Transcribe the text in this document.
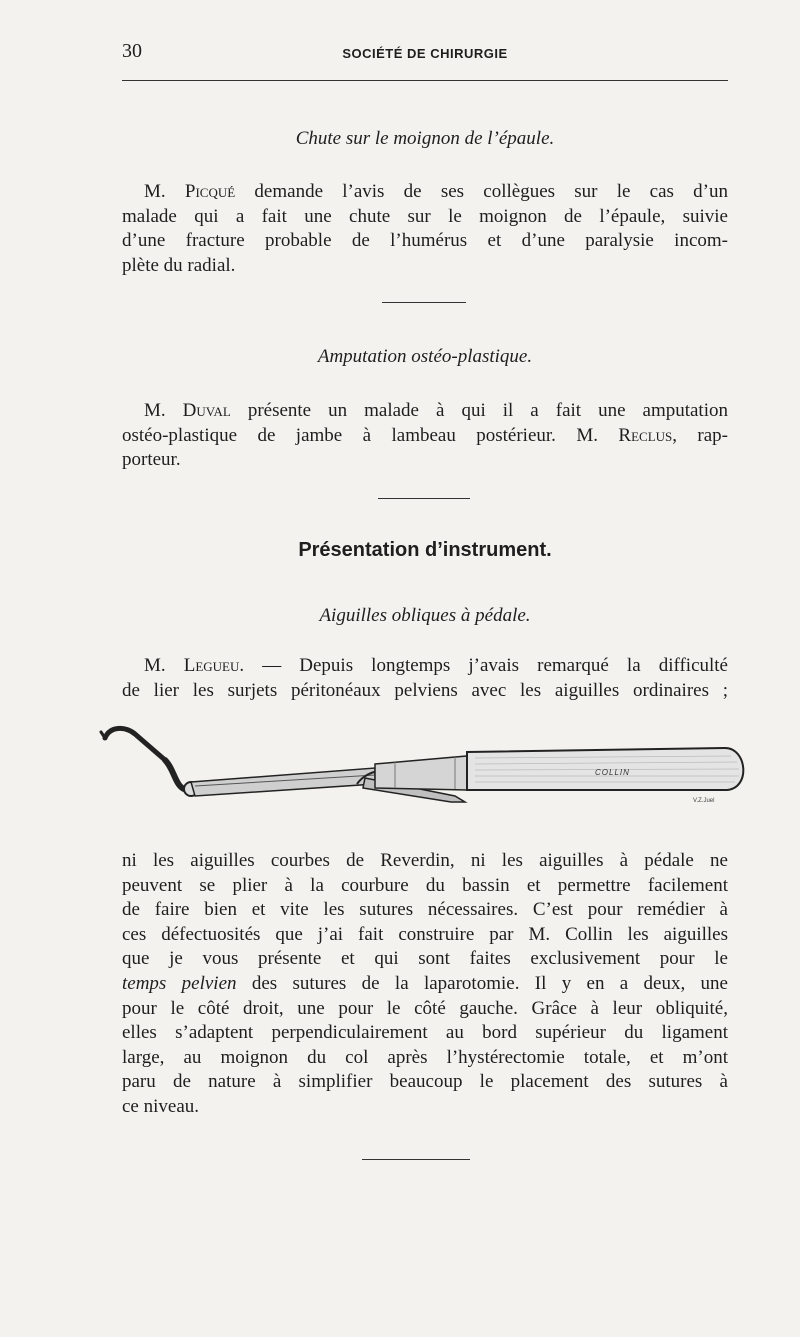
30	SOCIÉTÉ DE CHIRURGIE
Chute sur le moignon de l’épaule.
M. Picqué demande l’avis de ses collègues sur le cas d’un
malade qui a fait une chute sur le moignon de l’épaule, suivie
d’une fracture probable de l’humérus et d’une paralysie incom-
plète du radial.
Amputation ostéo-plastique.
M. Duval présente un malade à qui il a fait une amputation
ostéo-plastique de jambe à lambeau postérieur. M. Reclus, rap-
porteur.
Présentation d’instrument.
Aiguilles obliques à pédale.
M. Legueu. — Depuis longtemps j’avais remarqué la difficulté
de lier les surjets péritonéaux pelviens avec les aiguilles ordinaires ;
COLLIN
V.Z.Juel
ni les aiguilles courbes de Reverdin, ni les aiguilles à pédale ne
peuvent se plier à la courbure du bassin et permettre facilement
de faire bien et vite les sutures nécessaires. C’est pour remédier à
ces défectuosités que j’ai fait construire par M. Collin les aiguilles
que je vous présente et qui sont faites exclusivement pour le
temps pelvien des sutures de la laparotomie. Il y en a deux, une
pour le côté droit, une pour le côté gauche. Grâce à leur obliquité,
elles s’adaptent perpendiculairement au bord supérieur du ligament
large, au moignon du col après l’hystérectomie totale, et m’ont
paru de nature à simplifier beaucoup le placement des sutures à
ce niveau.
